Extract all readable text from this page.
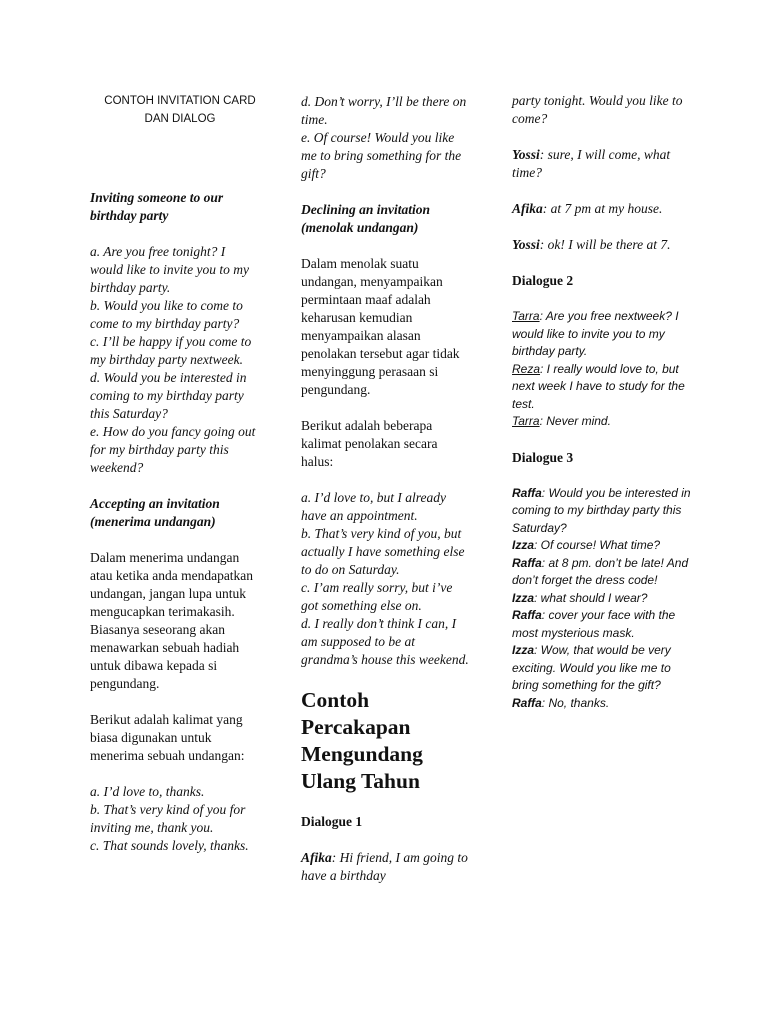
CONTOH INVITATION CARD
DAN DIALOG
Inviting someone to our birthday party
a. Are you free tonight? I would like to invite you to my birthday party.
b. Would you like to come to come to my birthday party?
c. I’ll be happy if you come to my birthday party nextweek.
d. Would you be interested in coming to my birthday party this Saturday?
e. How do you fancy going out for my birthday party this weekend?
Accepting an invitation (menerima undangan)
Dalam menerima undangan atau ketika anda mendapatkan undangan, jangan lupa untuk mengucapkan terimakasih. Biasanya seseorang akan menawarkan sebuah hadiah untuk dibawa kepada si pengundang.
Berikut adalah kalimat yang biasa digunakan untuk menerima sebuah undangan:
a. I’d love to, thanks.
b. That’s very kind of you for inviting me, thank you.
c. That sounds lovely, thanks.
d. Don’t worry, I’ll be there on time.
e. Of course! Would you like me to bring something for the gift?
Declining an invitation (menolak undangan)
Dalam menolak suatu undangan, menyampaikan permintaan maaf adalah keharusan kemudian menyampaikan alasan penolakan tersebut agar tidak menyinggung perasaan si pengundang.
Berikut adalah beberapa kalimat penolakan secara halus:
a. I’d love to, but I already have an appointment.
b. That’s very kind of you, but actually I have something else to do on Saturday.
c. I’am really sorry, but i’ve got something else on.
d. I really don’t think I can, I am supposed to be at grandma’s house this weekend.
Contoh Percakapan Mengundang Ulang Tahun
Dialogue 1

Afika: Hi friend, I am going to have a birthday

party tonight. Would you like to come?

Yossi: sure, I will come, what time?

Afika: at 7 pm at my house.

Yossi: ok! I will be there at 7.

Dialogue 2

Tarra: Are you free nextweek? I would like to invite you to my birthday party.

Reza: I really would love to, but next week I have to study for the test.

Tarra: Never mind.

Dialogue 3

Raffa: Would you be interested in coming to my birthday party this Saturday?

Izza: Of course! What time?

Raffa: at 8 pm. don’t be late! And don’t forget the dress code!

Izza: what should I wear?

Raffa: cover your face with the most mysterious mask.

Izza: Wow, that would be very exciting. Would you like me to bring something for the gift?

Raffa: No, thanks.
